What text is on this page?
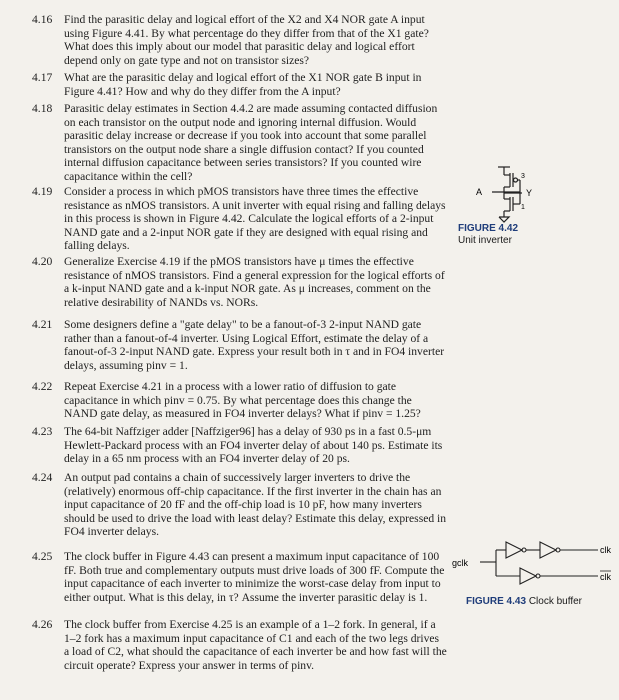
4.16 Find the parasitic delay and logical effort of the X2 and X4 NOR gate A input using Figure 4.41. By what percentage do they differ from that of the X1 gate? What does this imply about our model that parasitic delay and logical effort depend only on gate type and not on transistor sizes?
4.17 What are the parasitic delay and logical effort of the X1 NOR gate B input in Figure 4.41? How and why do they differ from the A input?
4.18 Parasitic delay estimates in Section 4.4.2 are made assuming contacted diffusion on each transistor on the output node and ignoring internal diffusion. Would parasitic delay increase or decrease if you took into account that some parallel transistors on the output node share a single diffusion contact? If you counted internal diffusion capacitance between series transistors? If you counted wire capacitance within the cell?
4.19 Consider a process in which pMOS transistors have three times the effective resistance as nMOS transistors. A unit inverter with equal rising and falling delays in this process is shown in Figure 4.42. Calculate the logical efforts of a 2-input NAND gate and a 2-input NOR gate if they are designed with equal rising and falling delays.
4.20 Generalize Exercise 4.19 if the pMOS transistors have μ times the effective resistance of nMOS transistors. Find a general expression for the logical efforts of a k-input NAND gate and a k-input NOR gate. As μ increases, comment on the relative desirability of NANDs vs. NORs.
4.21 Some designers define a "gate delay" to be a fanout-of-3 2-input NAND gate rather than a fanout-of-4 inverter. Using Logical Effort, estimate the delay of a fanout-of-3 2-input NAND gate. Express your result both in τ and in FO4 inverter delays, assuming pinv = 1.
4.22 Repeat Exercise 4.21 in a process with a lower ratio of diffusion to gate capacitance in which pinv = 0.75. By what percentage does this change the NAND gate delay, as measured in FO4 inverter delays? What if pinv = 1.25?
4.23 The 64-bit Naffziger adder [Naffziger96] has a delay of 930 ps in a fast 0.5-μm Hewlett-Packard process with an FO4 inverter delay of about 140 ps. Estimate its delay in a 65 nm process with an FO4 inverter delay of 20 ps.
4.24 An output pad contains a chain of successively larger inverters to drive the (relatively) enormous off-chip capacitance. If the first inverter in the chain has an input capacitance of 20 fF and the off-chip load is 10 pF, how many inverters should be used to drive the load with least delay? Estimate this delay, expressed in FO4 inverter delays.
4.25 The clock buffer in Figure 4.43 can present a maximum input capacitance of 100 fF. Both true and complementary outputs must drive loads of 300 fF. Compute the input capacitance of each inverter to minimize the worst-case delay from input to either output. What is this delay, in τ? Assume the inverter parasitic delay is 1.
4.26 The clock buffer from Exercise 4.25 is an example of a 1–2 fork. In general, if a 1–2 fork has a maximum input capacitance of C1 and each of the two legs drives a load of C2, what should the capacitance of each inverter be and how fast will the circuit operate? Express your answer in terms of pinv.
A	Y
3
1
FIGURE 4.42
Unit inverter
gclk
clk
clk
FIGURE 4.43 Clock buffer
